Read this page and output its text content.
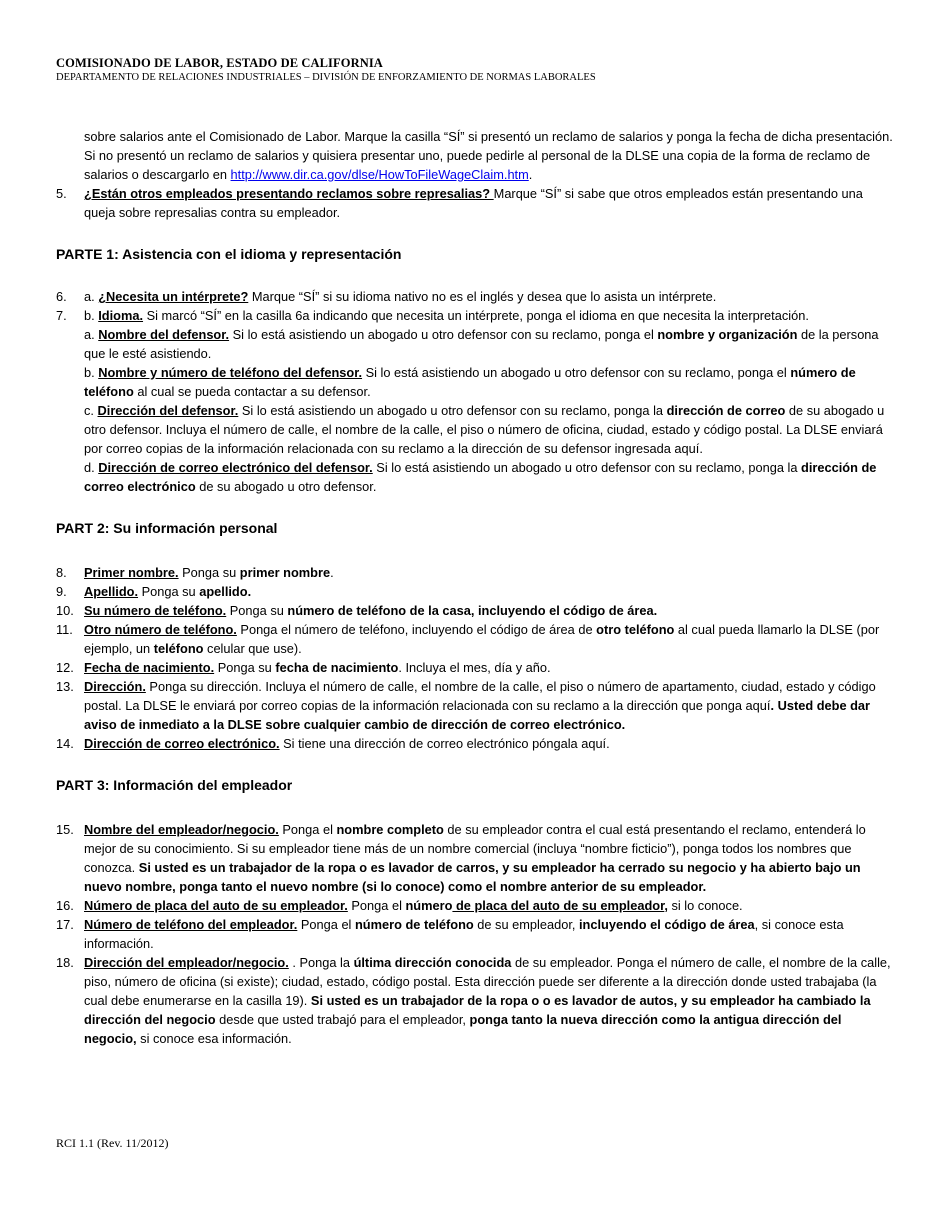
COMISIONADO DE LABOR, ESTADO DE CALIFORNIA
DEPARTAMENTO DE RELACIONES INDUSTRIALES – DIVISIÓN DE ENFORZAMIENTO DE NORMAS LABORALES
sobre salarios ante el Comisionado de Labor. Marque la casilla “SÍ” si presentó un reclamo de salarios y ponga la fecha de dicha presentación. Si no presentó un reclamo de salarios y quisiera presentar uno, puede pedirle al personal de la DLSE una copia de la forma de reclamo de salarios o descargarlo en http://www.dir.ca.gov/dlse/HowToFileWageClaim.htm.
5. ¿Están otros empleados presentando reclamos sobre represalias? Marque “SÍ” si sabe que otros empleados están presentando una queja sobre represalias contra su empleador.
PARTE 1: Asistencia con el idioma y representación
6. a. ¿Necesita un intérprete? Marque “SÍ” si su idioma nativo no es el inglés y desea que lo asista un intérprete.
7. b. Idioma. Si marcó “SÍ” en la casilla 6a indicando que necesita un intérprete, ponga el idioma en que necesita la interpretación.
a. Nombre del defensor. Si lo está asistiendo un abogado u otro defensor con su reclamo, ponga el nombre y organización de la persona que le esté asistiendo.
b. Nombre y número de teléfono del defensor. Si lo está asistiendo un abogado u otro defensor con su reclamo, ponga el número de teléfono al cual se pueda contactar a su defensor.
c. Dirección del defensor. Si lo está asistiendo un abogado u otro defensor con su reclamo, ponga la dirección de correo de su abogado u otro defensor. Incluya el número de calle, el nombre de la calle, el piso o número de oficina, ciudad, estado y código postal. La DLSE enviará por correo copias de la información relacionada con su reclamo a la dirección de su defensor ingresada aquí.
d. Dirección de correo electrónico del defensor. Si lo está asistiendo un abogado u otro defensor con su reclamo, ponga la dirección de correo electrónico de su abogado u otro defensor.
PART 2: Su información personal
8. Primer nombre. Ponga su primer nombre.
9. Apellido. Ponga su apellido.
10. Su número de teléfono. Ponga su número de teléfono de la casa, incluyendo el código de área.
11. Otro número de teléfono. Ponga el número de teléfono, incluyendo el código de área de otro teléfono al cual pueda llamarlo la DLSE (por ejemplo, un teléfono celular que use).
12. Fecha de nacimiento. Ponga su fecha de nacimiento. Incluya el mes, día y año.
13. Dirección. Ponga su dirección. Incluya el número de calle, el nombre de la calle, el piso o número de apartamento, ciudad, estado y código postal. La DLSE le enviará por correo copias de la información relacionada con su reclamo a la dirección que ponga aquí. Usted debe dar aviso de inmediato a la DLSE sobre cualquier cambio de dirección de correo electrónico.
14. Dirección de correo electrónico. Si tiene una dirección de correo electrónico póngala aquí.
PART 3: Información del empleador
15. Nombre del empleador/negocio. Ponga el nombre completo de su empleador contra el cual está presentando el reclamo, entenderá lo mejor de su conocimiento. Si su empleador tiene más de un nombre comercial (incluya “nombre ficticio”), ponga todos los nombres que conozca. Si usted es un trabajador de la ropa o es lavador de carros, y su empleador ha cerrado su negocio y ha abierto bajo un nuevo nombre, ponga tanto el nuevo nombre (si lo conoce) como el nombre anterior de su empleador.
16. Número de placa del auto de su empleador. Ponga el número de placa del auto de su empleador, si lo conoce.
17. Número de teléfono del empleador. Ponga el número de teléfono de su empleador, incluyendo el código de área, si conoce esta información.
18. Dirección del empleador/negocio. . Ponga la última dirección conocida de su empleador. Ponga el número de calle, el nombre de la calle, piso, número de oficina (si existe); ciudad, estado, código postal. Esta dirección puede ser diferente a la dirección donde usted trabajaba (la cual debe enumerarse en la casilla 19). Si usted es un trabajador de la ropa o o es lavador de autos, y su empleador ha cambiado la dirección del negocio desde que usted trabajó para el empleador, ponga tanto la nueva dirección como la antigua dirección del negocio, si conoce esa información.
RCI 1.1 (Rev. 11/2012)
